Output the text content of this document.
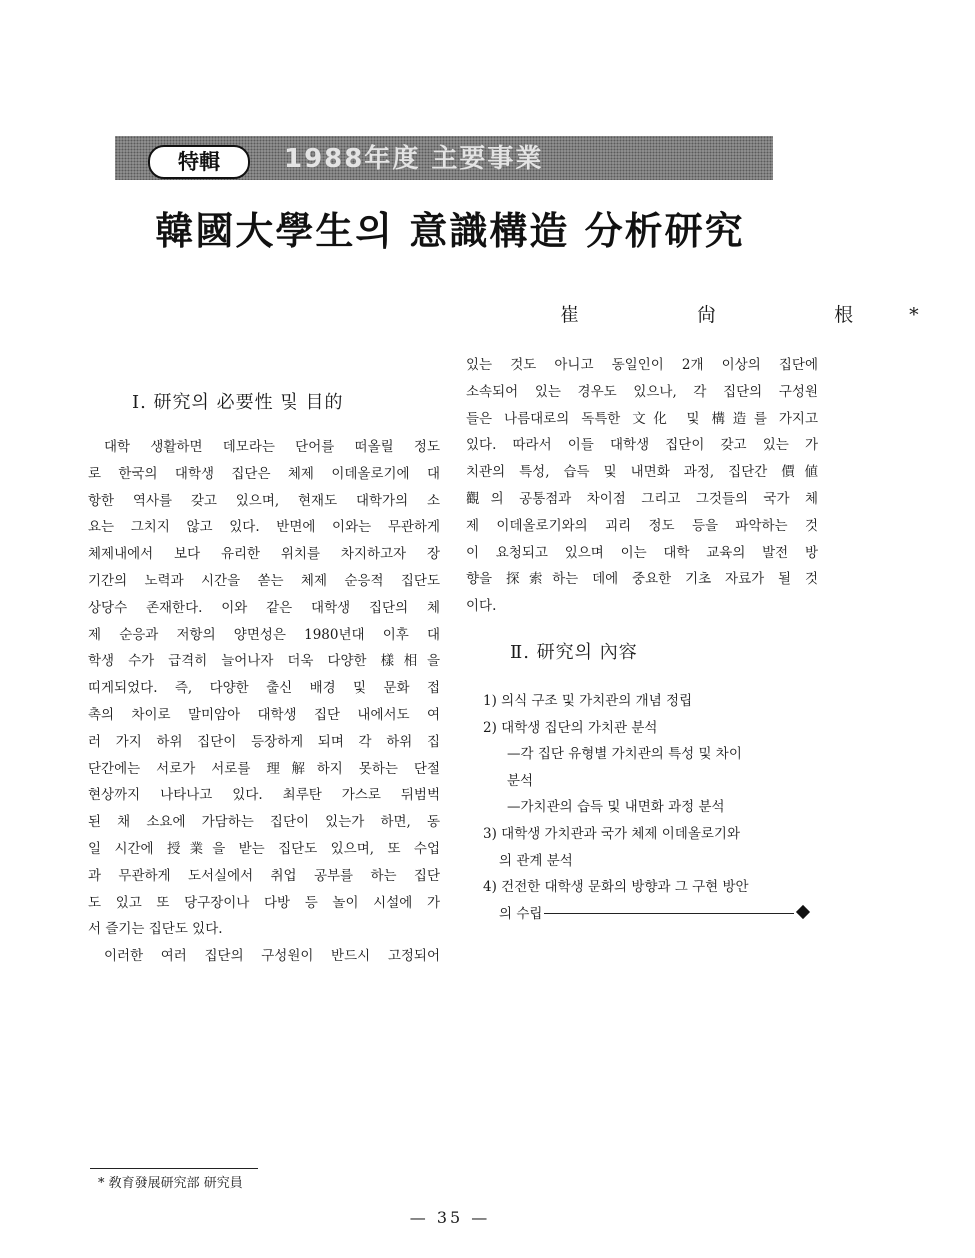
特輯	1988年度 主要事業
韓國大學生의 意識構造 分析研究
崔 尙 根*
Ⅰ. 研究의 必要性 및 目的
대학 생활하면 데모라는 단어를 떠올릴 정도
로 한국의 대학생 집단은 체제 이데올로기에 대
항한 역사를 갖고 있으며, 현재도 대학가의 소
요는 그치지 않고 있다. 반면에 이와는 무관하게
체제내에서 보다 유리한 위치를 차지하고자 장
기간의 노력과 시간을 쏟는 체제 순응적 집단도
상당수 존재한다. 이와 같은 대학생 집단의 체
제 순응과 저항의 양면성은 1980년대 이후 대
학생 수가 급격히 늘어나자 더욱 다양한 樣相을
띠게되었다. 즉, 다양한 출신 배경 및 문화 접
촉의 차이로 말미암아 대학생 집단 내에서도 여
러 가지 하위 집단이 등장하게 되며 각 하위 집
단간에는 서로가 서로를 理解하지 못하는 단절
현상까지 나타나고 있다. 최루탄 가스로 뒤범벅
된 채 소요에 가담하는 집단이 있는가 하면, 동
일 시간에 授業을 받는 집단도 있으며, 또 수업
과 무관하게 도서실에서 취업 공부를 하는 집단
도 있고 또 당구장이나 다방 등 놀이 시설에 가
서 즐기는 집단도 있다.
이러한 여러 집단의 구성원이 반드시 고정되어
있는 것도 아니고 동일인이 2개 이상의 집단에
소속되어 있는 경우도 있으나, 각 집단의 구성원
들은 나름대로의 독특한 文化 및 構造를 가지고
있다. 따라서 이들 대학생 집단이 갖고 있는 가
치관의 특성, 습득 및 내면화 과정, 집단간 價値
觀의 공통점과 차이점 그리고 그것들의 국가 체
제 이데올로기와의 괴리 정도 등을 파악하는 것
이 요청되고 있으며 이는 대학 교육의 발전 방
향을 探索하는 데에 중요한 기초 자료가 될 것
이다.
Ⅱ. 研究의 內容
1) 의식 구조 및 가치관의 개념 정립
2) 대학생 집단의 가치관 분석
—각 집단 유형별 가치관의 특성 및 차이
분석
—가치관의 습득 및 내면화 과정 분석
3) 대학생 가치관과 국가 체제 이데올로기와
의 관계 분석
4) 건전한 대학생 문화의 방향과 그 구현 방안
의 수립
* 敎育發展研究部 研究員
— 35 —
